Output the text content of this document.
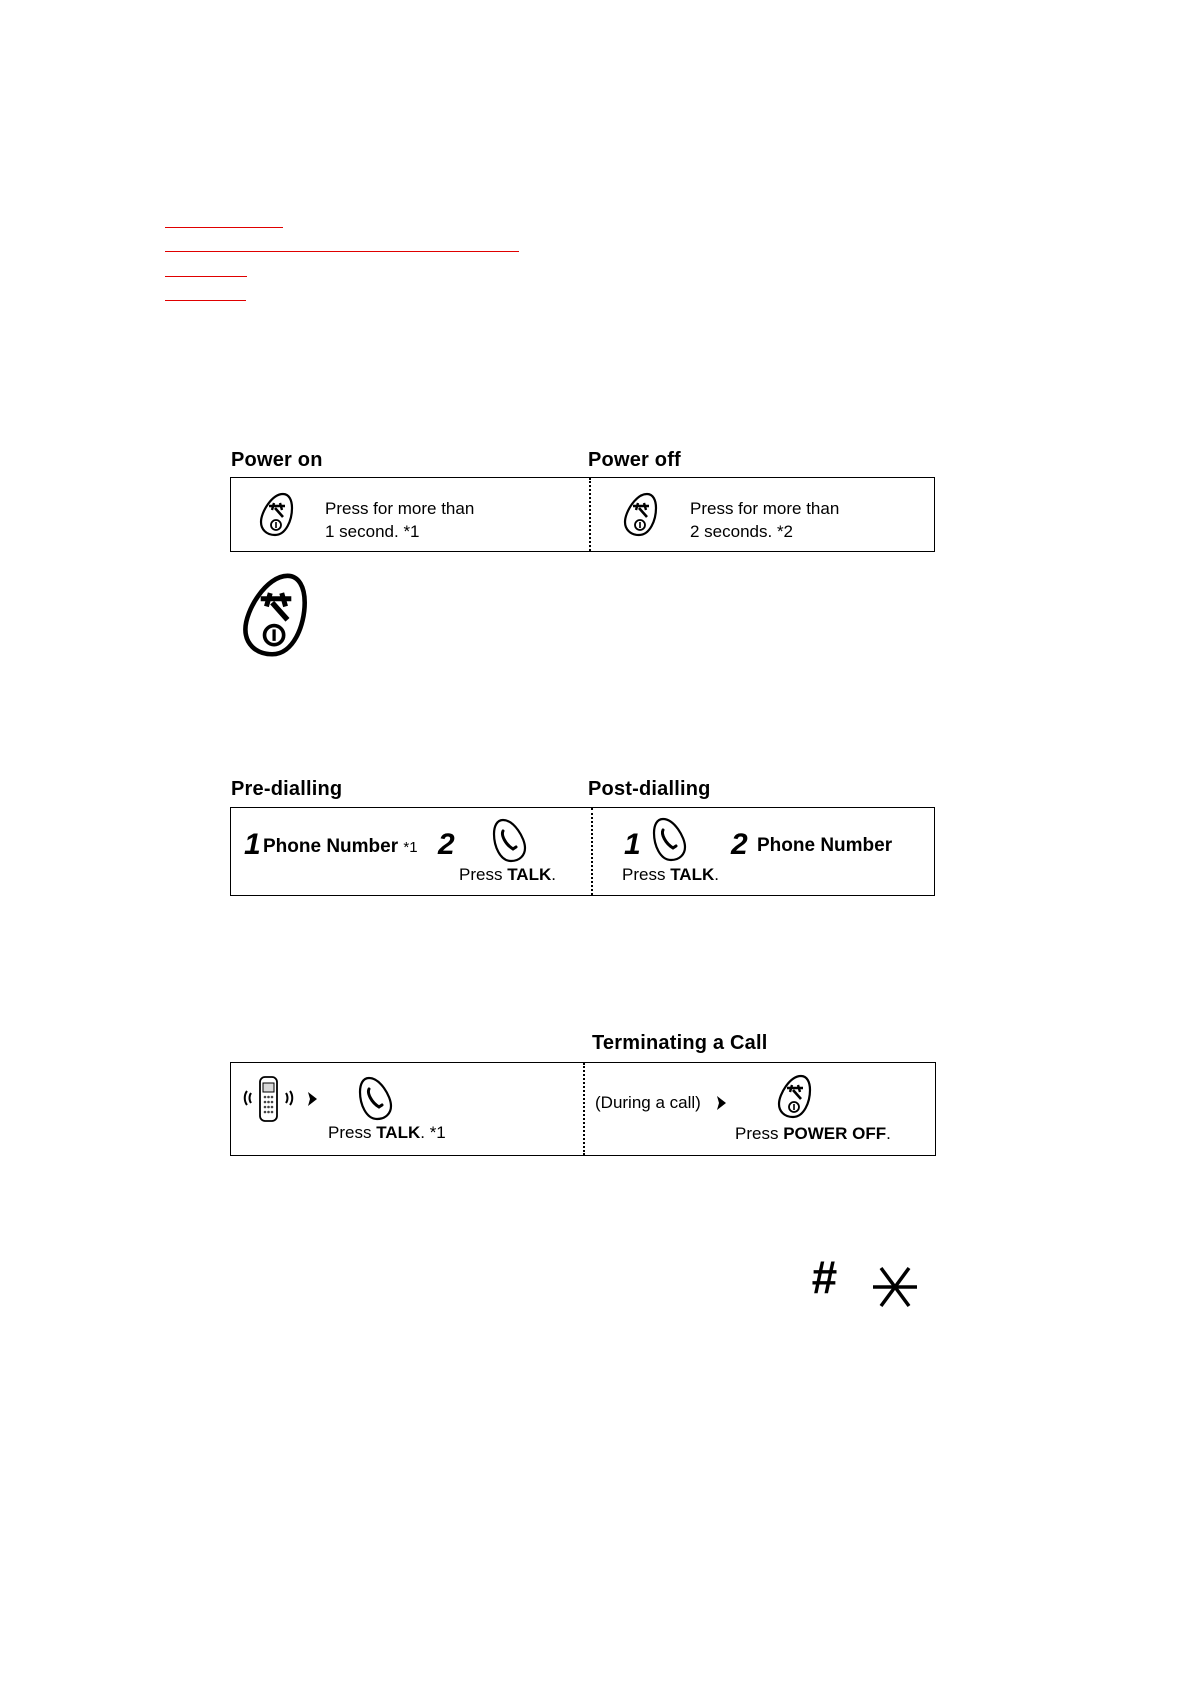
Power on	Power off
Press for more than
1 second. *1
Press for more than
2 seconds. *2
Pre-dialling	Post-dialling
1 Phone Number *1 2
Press TALK.
1
Press TALK.
2 Phone Number
Terminating a Call
Press TALK. *1
(During a call)
Press POWER OFF.
#
